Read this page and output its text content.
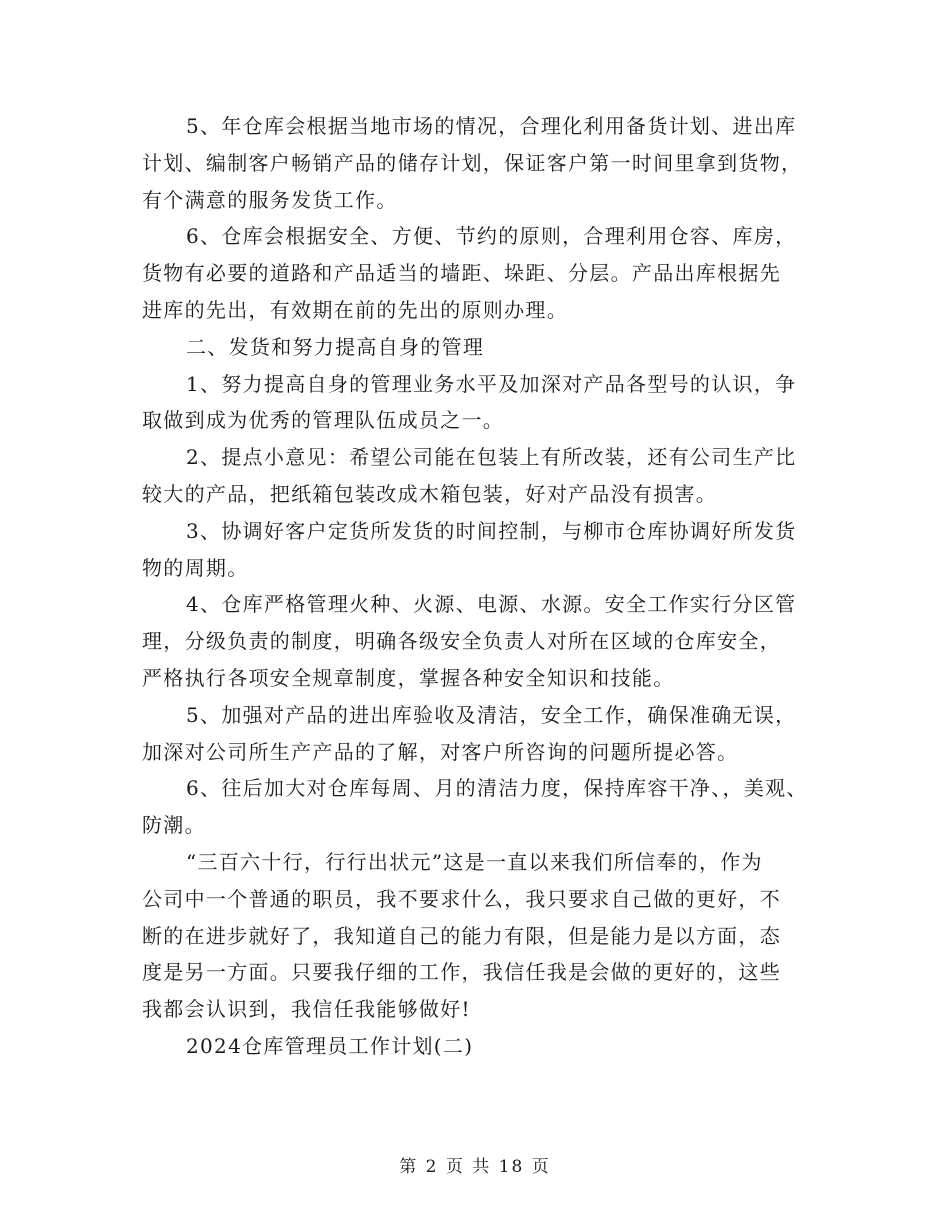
5、年仓库会根据当地市场的情况，合理化利用备货计划、进出库
计划、编制客户畅销产品的储存计划，保证客户第一时间里拿到货物，
有个满意的服务发货工作。

6、仓库会根据安全、方便、节约的原则，合理利用仓容、库房，
货物有必要的道路和产品适当的墙距、垛距、分层。产品出库根据先
进库的先出，有效期在前的先出的原则办理。

二、发货和努力提高自身的管理

1、努力提高自身的管理业务水平及加深对产品各型号的认识，争
取做到成为优秀的管理队伍成员之一。

2、提点小意见：希望公司能在包装上有所改装，还有公司生产比
较大的产品，把纸箱包装改成木箱包装，好对产品没有损害。

3、协调好客户定货所发货的时间控制，与柳市仓库协调好所发货
物的周期。

4、仓库严格管理火种、火源、电源、水源。安全工作实行分区管
理，分级负责的制度，明确各级安全负责人对所在区域的仓库安全，
严格执行各项安全规章制度，掌握各种安全知识和技能。

5、加强对产品的进出库验收及清洁，安全工作，确保准确无误，
加深对公司所生产产品的了解，对客户所咨询的问题所提必答。

6、往后加大对仓库每周、月的清洁力度，保持库容干净、，美观、
防潮。

“三百六十行，行行出状元”这是一直以来我们所信奉的，作为
公司中一个普通的职员，我不要求什么，我只要求自己做的更好，不
断的在进步就好了，我知道自己的能力有限，但是能力是以方面，态
度是另一方面。只要我仔细的工作，我信任我是会做的更好的，这些
我都会认识到，我信任我能够做好!

2024仓库管理员工作计划(二)

第 2 页 共 18 页
